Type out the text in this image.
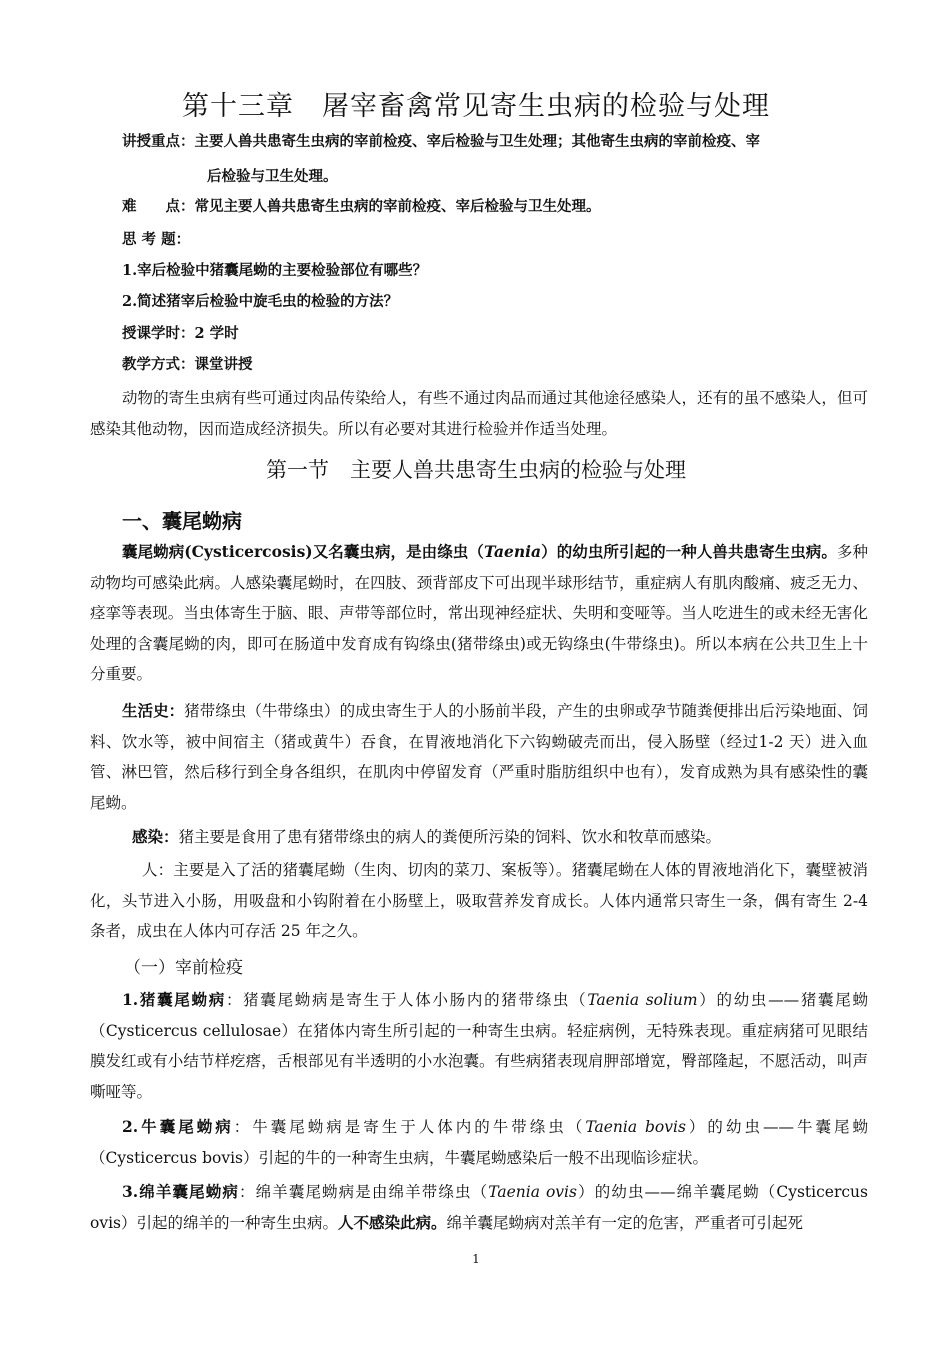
第十三章　屠宰畜禽常见寄生虫病的检验与处理
讲授重点：主要人兽共患寄生虫病的宰前检疫、宰后检验与卫生处理；其他寄生虫病的宰前检疫、宰
后检验与卫生处理。
难　　点：常见主要人兽共患寄生虫病的宰前检疫、宰后检验与卫生处理。
思 考 题：
1.宰后检验中猪囊尾蚴的主要检验部位有哪些？
2.简述猪宰后检验中旋毛虫的检验的方法？
授课学时：2 学时
教学方式：课堂讲授

动物的寄生虫病有些可通过肉品传染给人，有些不通过肉品而通过其他途径感染人，还有的虽不感染人，但可感染其他动物，因而造成经济损失。所以有必要对其进行检验并作适当处理。

第一节　主要人兽共患寄生虫病的检验与处理
一、囊尾蚴病

囊尾蚴病(Cysticercosis)又名囊虫病，是由绦虫（Taenia）的幼虫所引起的一种人兽共患寄生虫病。多种动物均可感染此病。人感染囊尾蚴时，在四肢、颈背部皮下可出现半球形结节，重症病人有肌肉酸痛、疲乏无力、痉挛等表现。当虫体寄生于脑、眼、声带等部位时，常出现神经症状、失明和变哑等。当人吃进生的或未经无害化处理的含囊尾蚴的肉，即可在肠道中发育成有钩绦虫(猪带绦虫)或无钩绦虫(牛带绦虫)。所以本病在公共卫生上十分重要。

生活史：猪带绦虫（牛带绦虫）的成虫寄生于人的小肠前半段，产生的虫卵或孕节随粪便排出后污染地面、饲料、饮水等，被中间宿主（猪或黄牛）吞食，在胃液地消化下六钩蚴破壳而出，侵入肠壁（经过1-2 天）进入血管、淋巴管，然后移行到全身各组织，在肌肉中停留发育（严重时脂肪组织中也有），发育成熟为具有感染性的囊尾蚴。

感染：猪主要是食用了患有猪带绦虫的病人的粪便所污染的饲料、饮水和牧草而感染。

人：主要是入了活的猪囊尾蚴（生肉、切肉的菜刀、案板等）。猪囊尾蚴在人体的胃液地消化下，囊壁被消化，头节进入小肠，用吸盘和小钩附着在小肠壁上，吸取营养发育成长。人体内通常只寄生一条，偶有寄生 2-4 条者，成虫在人体内可存活 25 年之久。

（一）宰前检疫

1.猪囊尾蚴病：猪囊尾蚴病是寄生于人体小肠内的猪带绦虫（Taenia solium）的幼虫——猪囊尾蚴（Cysticercus cellulosae）在猪体内寄生所引起的一种寄生虫病。轻症病例，无特殊表现。重症病猪可见眼结膜发红或有小结节样疙瘩，舌根部见有半透明的小水泡囊。有些病猪表现肩胛部增宽，臀部隆起，不愿活动，叫声嘶哑等。

2.牛囊尾蚴病：牛囊尾蚴病是寄生于人体内的牛带绦虫（Taenia bovis）的幼虫——牛囊尾蚴（Cysticercus bovis）引起的牛的一种寄生虫病，牛囊尾蚴感染后一般不出现临诊症状。

3.绵羊囊尾蚴病：绵羊囊尾蚴病是由绵羊带绦虫（Taenia ovis）的幼虫——绵羊囊尾蚴（Cysticercus ovis）引起的绵羊的一种寄生虫病。人不感染此病。绵羊囊尾蚴病对羔羊有一定的危害，严重者可引起死

1
